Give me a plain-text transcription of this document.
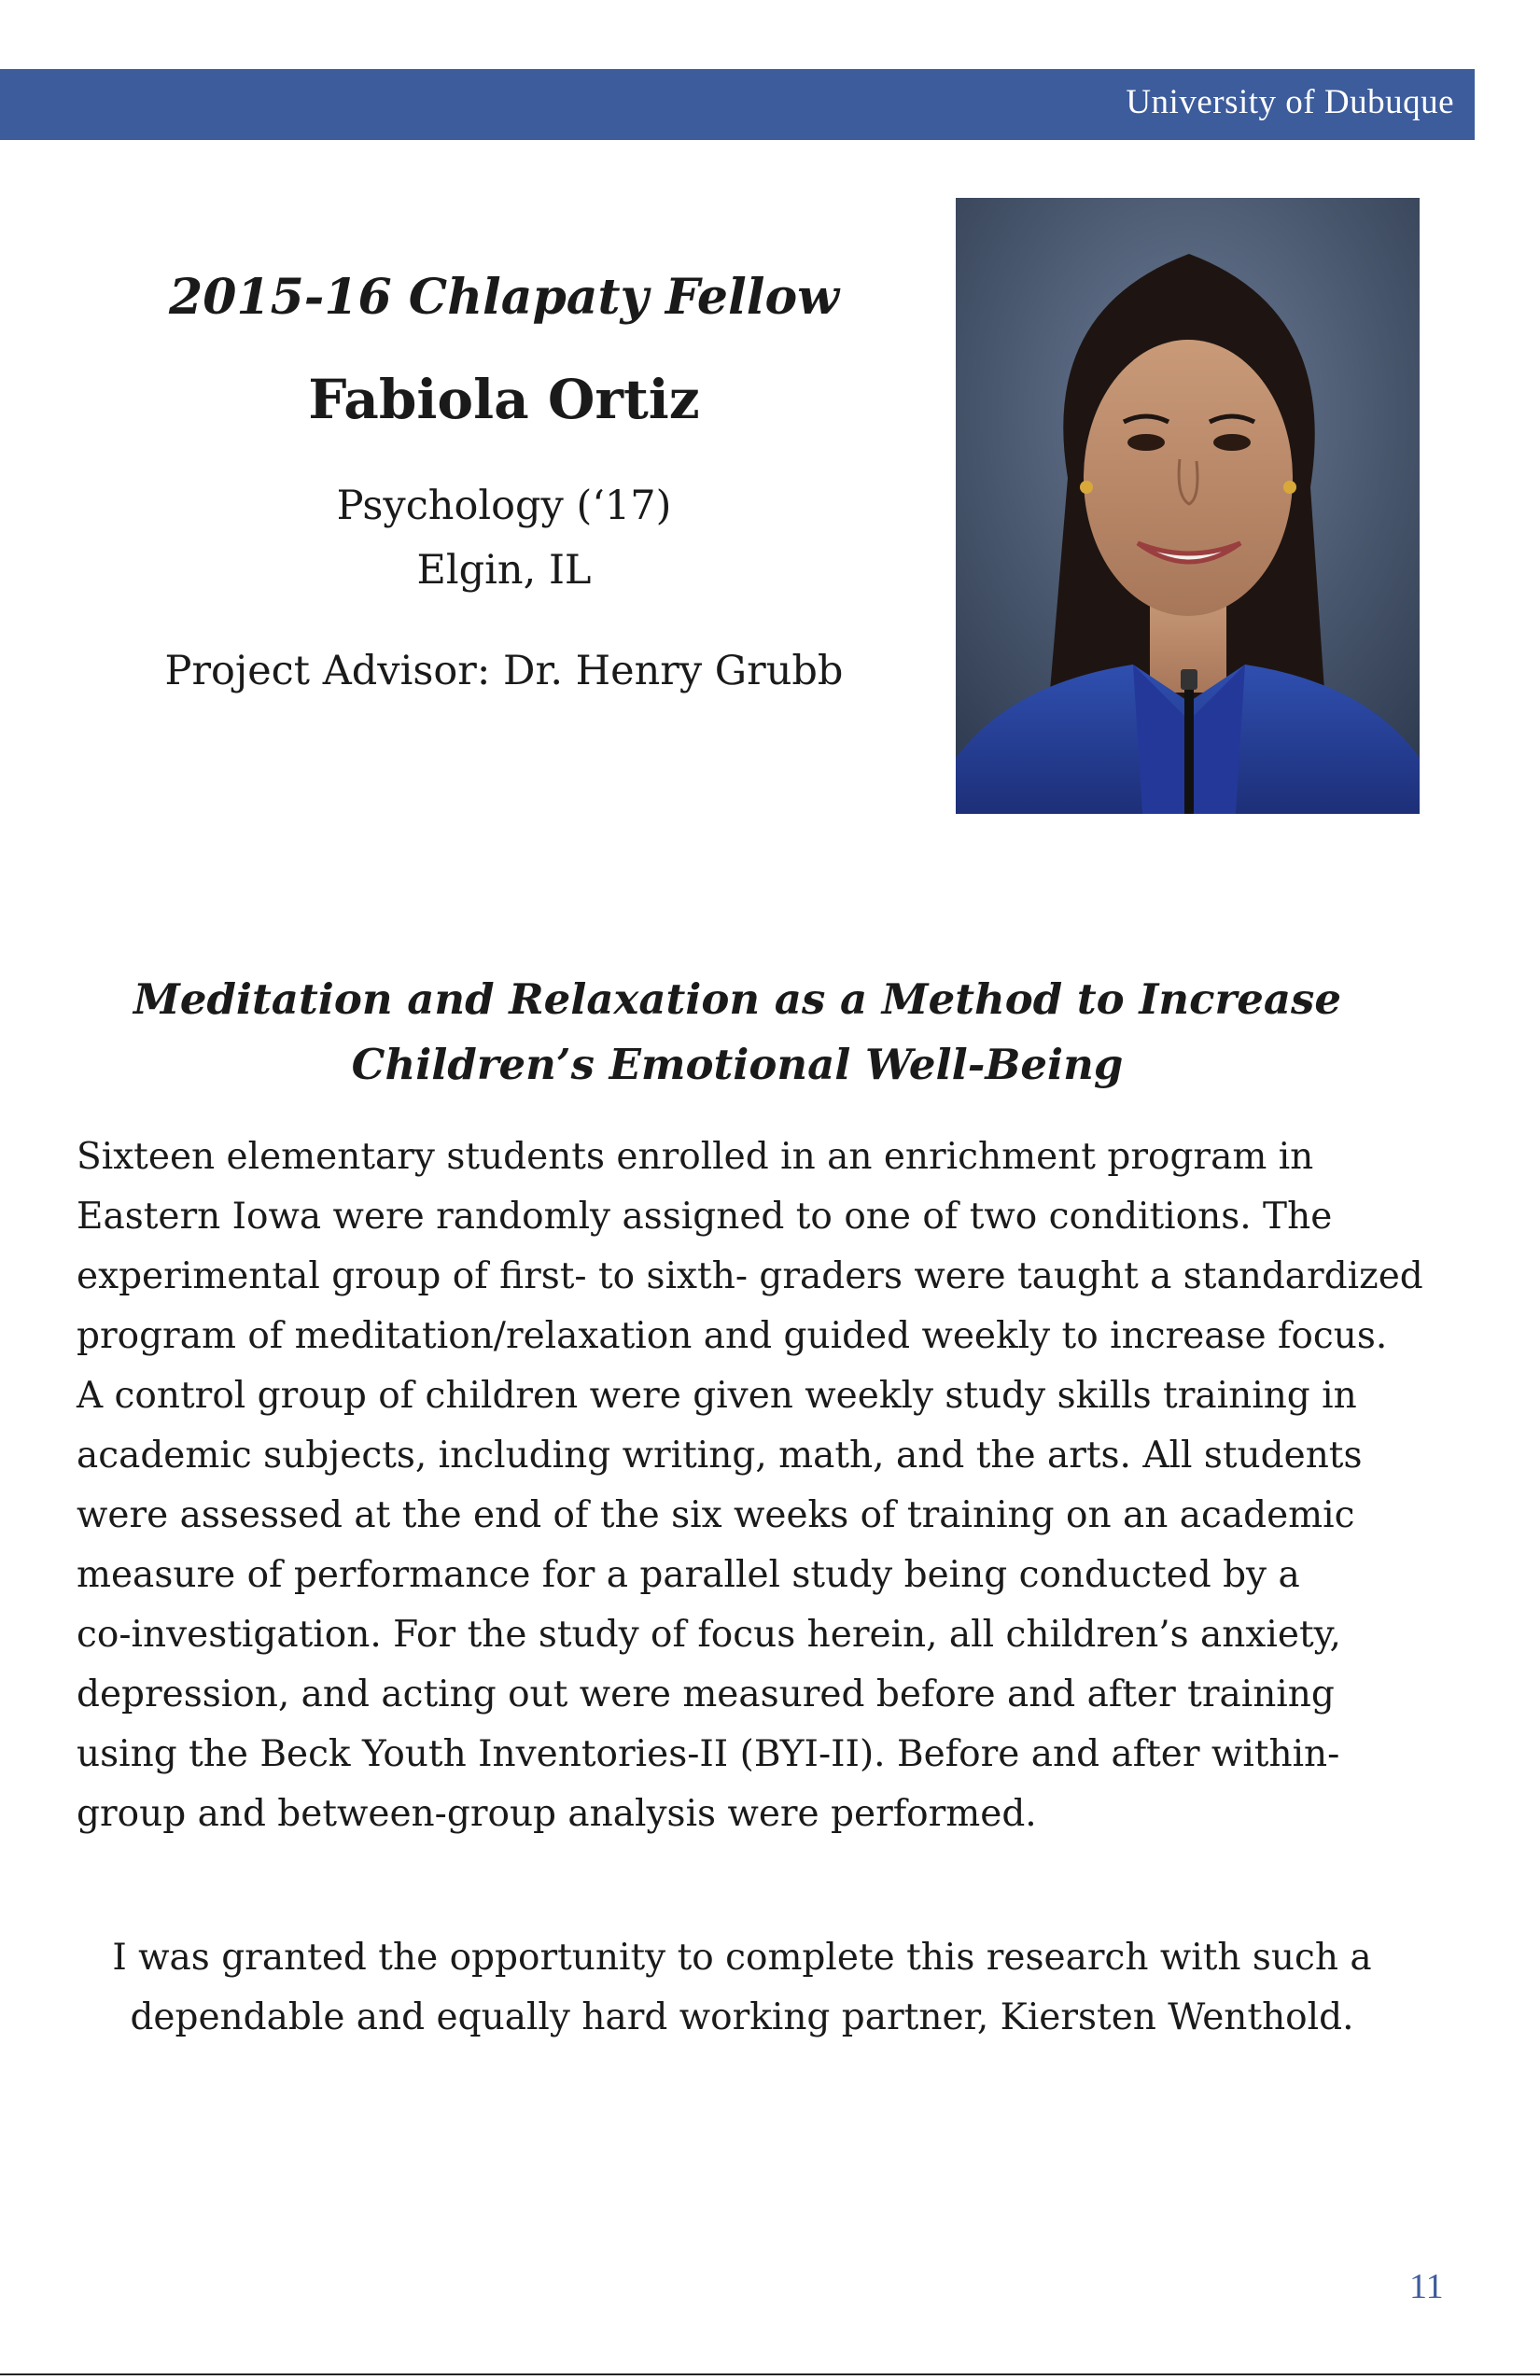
University of Dubuque
2015-16 Chlapaty Fellow
Fabiola Ortiz
Psychology (‘17)
Elgin, IL
Project Advisor: Dr. Henry Grubb
Meditation and Relaxation as a Method to Increase
Children’s Emotional Well-Being

Sixteen elementary students enrolled in an enrichment program in
Eastern Iowa were randomly assigned to one of two conditions. The
experimental group of first- to sixth- graders were taught a standardized
program of meditation/relaxation and guided weekly to increase focus.
A control group of children were given weekly study skills training in
academic subjects, including writing, math, and the arts. All students
were assessed at the end of the six weeks of training on an academic
measure of performance for a parallel study being conducted by a
co-investigation. For the study of focus herein, all children’s anxiety,
depression, and acting out were measured before and after training
using the Beck Youth Inventories-II (BYI-II). Before and after within-
group and between-group analysis were performed.

I was granted the opportunity to complete this research with such a
dependable and equally hard working partner, Kiersten Wenthold.

11
